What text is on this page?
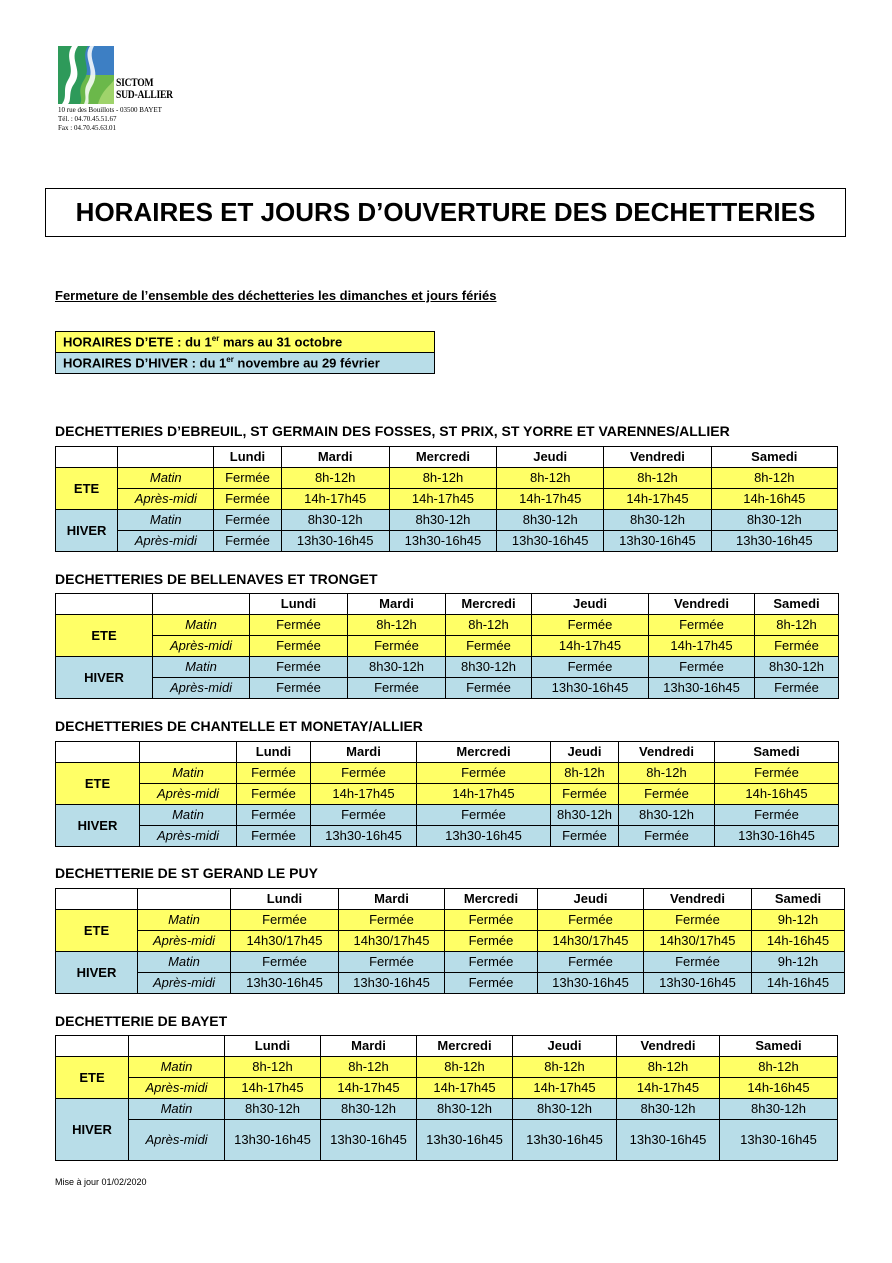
SICTOM
SUD-ALLIER
10 rue des Bouillots - 03500 BAYET
Tél. : 04.70.45.51.67
Fax : 04.70.45.63.01
HORAIRES ET JOURS D’OUVERTURE DES DECHETTERIES
Fermeture de l’ensemble des déchetteries les dimanches et jours fériés
HORAIRES D’ETE : du 1er mars au 31 octobre
HORAIRES D’HIVER : du 1er novembre au 29 février
DECHETTERIES D’EBREUIL, ST GERMAIN DES FOSSES, ST PRIX, ST YORRE ET VARENNES/ALLIER
		Lundi	Mardi	Mercredi	Jeudi	Vendredi	Samedi
ETE	Matin	Fermée	8h-12h	8h-12h	8h-12h	8h-12h	8h-12h
	Après-midi	Fermée	14h-17h45	14h-17h45	14h-17h45	14h-17h45	14h-16h45
HIVER	Matin	Fermée	8h30-12h	8h30-12h	8h30-12h	8h30-12h	8h30-12h
	Après-midi	Fermée	13h30-16h45	13h30-16h45	13h30-16h45	13h30-16h45	13h30-16h45
DECHETTERIES DE BELLENAVES ET TRONGET
		Lundi	Mardi	Mercredi	Jeudi	Vendredi	Samedi
ETE	Matin	Fermée	8h-12h	8h-12h	Fermée	Fermée	8h-12h
	Après-midi	Fermée	Fermée	Fermée	14h-17h45	14h-17h45	Fermée
HIVER	Matin	Fermée	8h30-12h	8h30-12h	Fermée	Fermée	8h30-12h
	Après-midi	Fermée	Fermée	Fermée	13h30-16h45	13h30-16h45	Fermée
DECHETTERIES DE CHANTELLE ET MONETAY/ALLIER
		Lundi	Mardi	Mercredi	Jeudi	Vendredi	Samedi
ETE	Matin	Fermée	Fermée	Fermée	8h-12h	8h-12h	Fermée
	Après-midi	Fermée	14h-17h45	14h-17h45	Fermée	Fermée	14h-16h45
HIVER	Matin	Fermée	Fermée	Fermée	8h30-12h	8h30-12h	Fermée
	Après-midi	Fermée	13h30-16h45	13h30-16h45	Fermée	Fermée	13h30-16h45
DECHETTERIE DE ST GERAND LE PUY
		Lundi	Mardi	Mercredi	Jeudi	Vendredi	Samedi
ETE	Matin	Fermée	Fermée	Fermée	Fermée	Fermée	9h-12h
	Après-midi	14h30/17h45	14h30/17h45	Fermée	14h30/17h45	14h30/17h45	14h-16h45
HIVER	Matin	Fermée	Fermée	Fermée	Fermée	Fermée	9h-12h
	Après-midi	13h30-16h45	13h30-16h45	Fermée	13h30-16h45	13h30-16h45	14h-16h45
DECHETTERIE DE BAYET
		Lundi	Mardi	Mercredi	Jeudi	Vendredi	Samedi
ETE	Matin	8h-12h	8h-12h	8h-12h	8h-12h	8h-12h	8h-12h
	Après-midi	14h-17h45	14h-17h45	14h-17h45	14h-17h45	14h-17h45	14h-16h45
HIVER	Matin	8h30-12h	8h30-12h	8h30-12h	8h30-12h	8h30-12h	8h30-12h
	Après-midi	13h30-16h45	13h30-16h45	13h30-16h45	13h30-16h45	13h30-16h45	13h30-16h45
Mise à jour 01/02/2020
